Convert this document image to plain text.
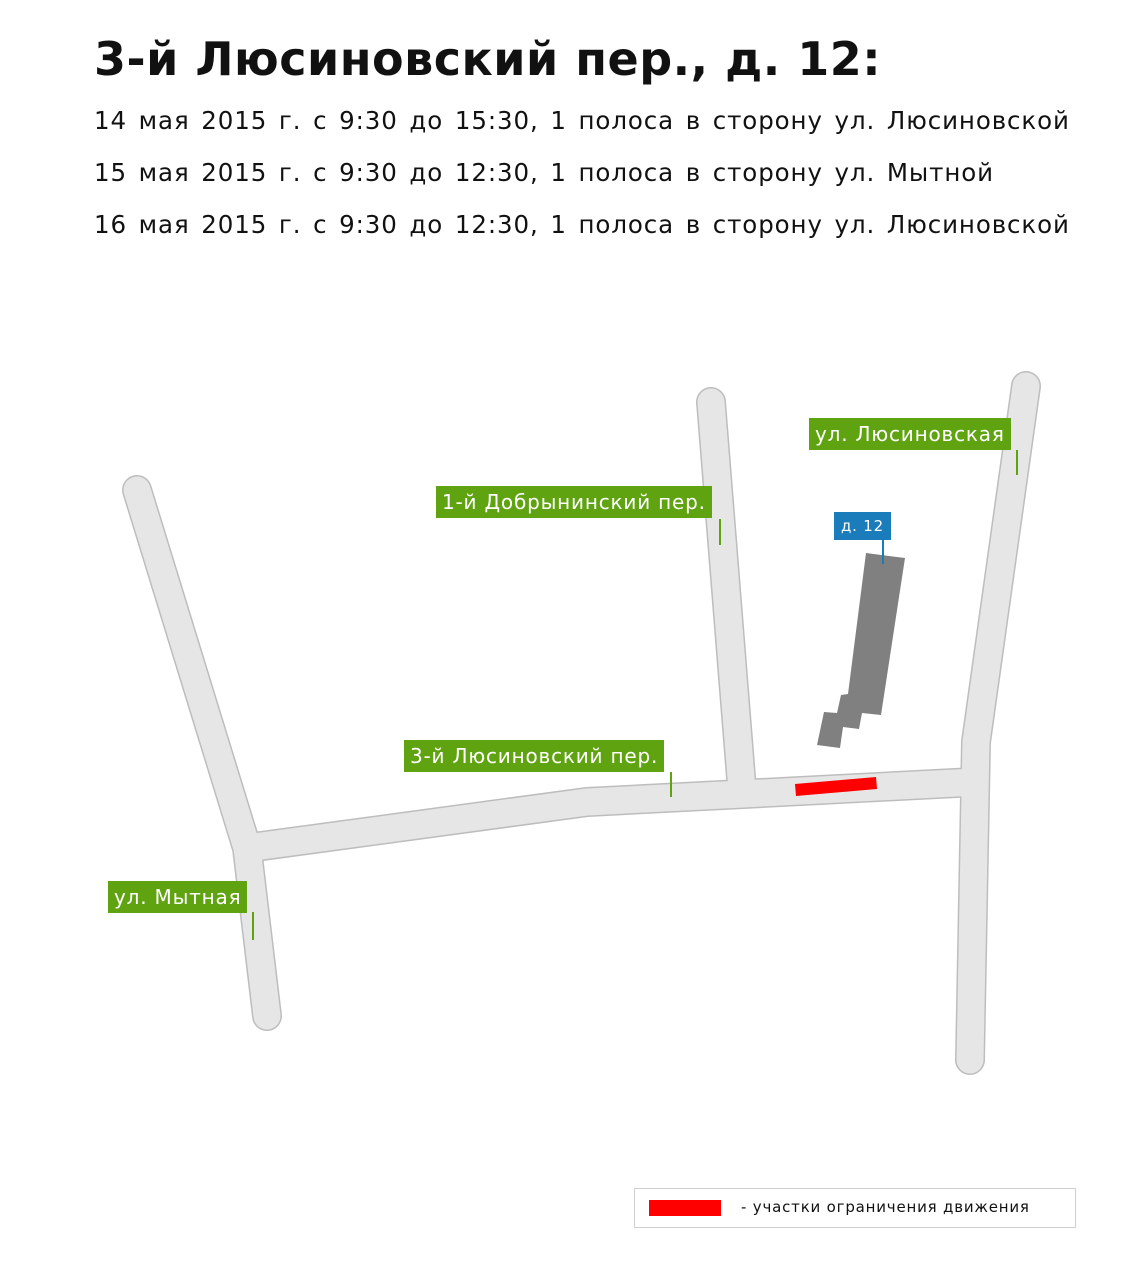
3-й Люсиновский пер., д. 12:
14 мая 2015 г. с 9:30 до 15:30, 1 полоса в сторону ул. Люсиновской
15 мая 2015 г. с 9:30 до 12:30, 1 полоса в сторону ул. Мытной
16 мая 2015 г. с 9:30 до 12:30, 1 полоса в сторону ул. Люсиновской
ул. Люсиновская
1-й Добрынинский пер.
д. 12
3-й Люсиновский пер.
ул. Мытная
- участки ограничения движения
